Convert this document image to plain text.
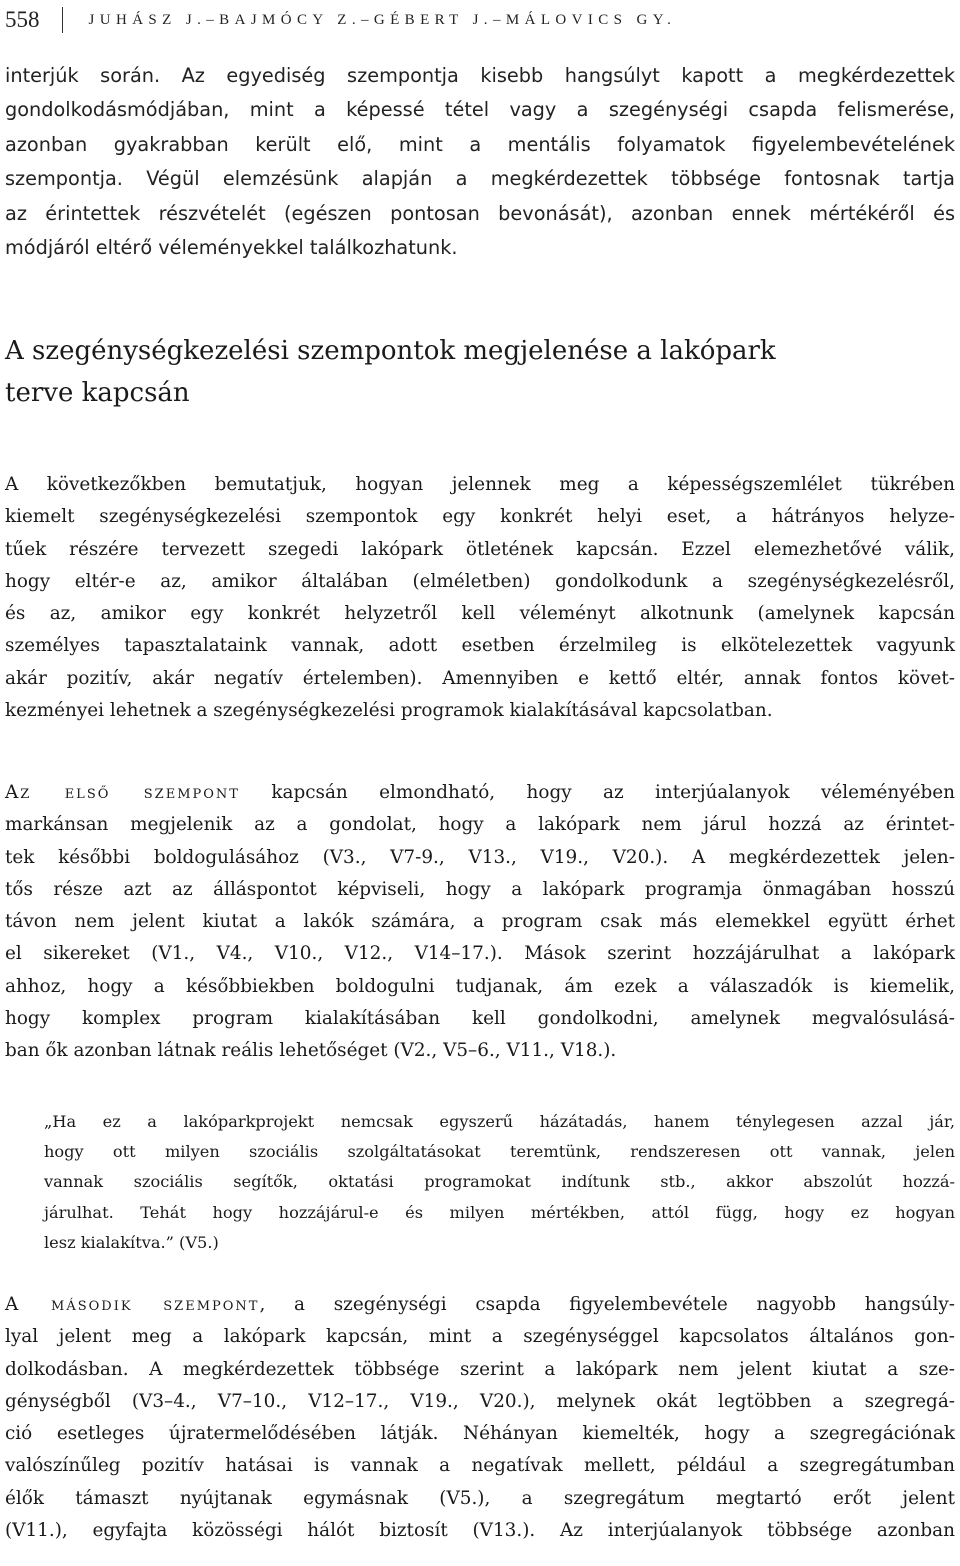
558	JUHÁSZ J.–BAJMÓCY Z.–GÉBERT J.–MÁLOVICS GY.

interjúk során. Az egyediség szempontja kisebb hangsúlyt kapott a megkérdezettek
gondolkodásmódjában, mint a képessé tétel vagy a szegénységi csapda felismerése,
azonban gyakrabban került elő, mint a mentális folyamatok figyelembevételének
szempontja. Végül elemzésünk alapján a megkérdezettek többsége fontosnak tartja
az érintettek részvételét (egészen pontosan bevonását), azonban ennek mértékéről és
módjáról eltérő véleményekkel találkozhatunk.

A szegénységkezelési szempontok megjelenése a lakópark
terve kapcsán

A következőkben bemutatjuk, hogyan jelennek meg a képességszemlélet tükrében
kiemelt szegénységkezelési szempontok egy konkrét helyi eset, a hátrányos helyze-
tűek részére tervezett szegedi lakópark ötletének kapcsán. Ezzel elemezhetővé válik,
hogy eltér-e az, amikor általában (elméletben) gondolkodunk a szegénységkezelésről,
és az, amikor egy konkrét helyzetről kell véleményt alkotnunk (amelynek kapcsán
személyes tapasztalataink vannak, adott esetben érzelmileg is elkötelezettek vagyunk
akár pozitív, akár negatív értelemben). Amennyiben e kettő eltér, annak fontos követ-
kezményei lehetnek a szegénységkezelési programok kialakításával kapcsolatban.

Az első szempont kapcsán elmondható, hogy az interjúalanyok véleményében
markánsan megjelenik az a gondolat, hogy a lakópark nem járul hozzá az érintet-
tek későbbi boldogulásához (V3., V7-9., V13., V19., V20.). A megkérdezettek jelen-
tős része azt az álláspontot képviseli, hogy a lakópark programja önmagában hosszú
távon nem jelent kiutat a lakók számára, a program csak más elemekkel együtt érhet
el sikereket (V1., V4., V10., V12., V14–17.). Mások szerint hozzájárulhat a lakópark
ahhoz, hogy a későbbiekben boldogulni tudjanak, ám ezek a válaszadók is kiemelik,
hogy komplex program kialakításában kell gondolkodni, amelynek megvalósulásá-
ban ők azonban látnak reális lehetőséget (V2., V5–6., V11., V18.).

„Ha ez a lakóparkprojekt nemcsak egyszerű házátadás, hanem ténylegesen azzal jár,
hogy ott milyen szociális szolgáltatásokat teremtünk, rendszeresen ott vannak, jelen
vannak szociális segítők, oktatási programokat indítunk stb., akkor abszolút hozzá-
járulhat. Tehát hogy hozzájárul-e és milyen mértékben, attól függ, hogy ez hogyan
lesz kialakítva.” (V5.)

A második szempont, a szegénységi csapda figyelembevétele nagyobb hangsúly-
lyal jelent meg a lakópark kapcsán, mint a szegénységgel kapcsolatos általános gon-
dolkodásban. A megkérdezettek többsége szerint a lakópark nem jelent kiutat a sze-
génységből (V3–4., V7–10., V12–17., V19., V20.), melynek okát legtöbben a szegregá-
ció esetleges újratermelődésében látják. Néhányan kiemelték, hogy a szegregációnak
valószínűleg pozitív hatásai is vannak a negatívak mellett, például a szegregátumban
élők támaszt nyújtanak egymásnak (V5.), a szegregátum megtartó erőt jelent
(V11.), egyfajta közösségi hálót biztosít (V13.). Az interjúalanyok többsége azonban
